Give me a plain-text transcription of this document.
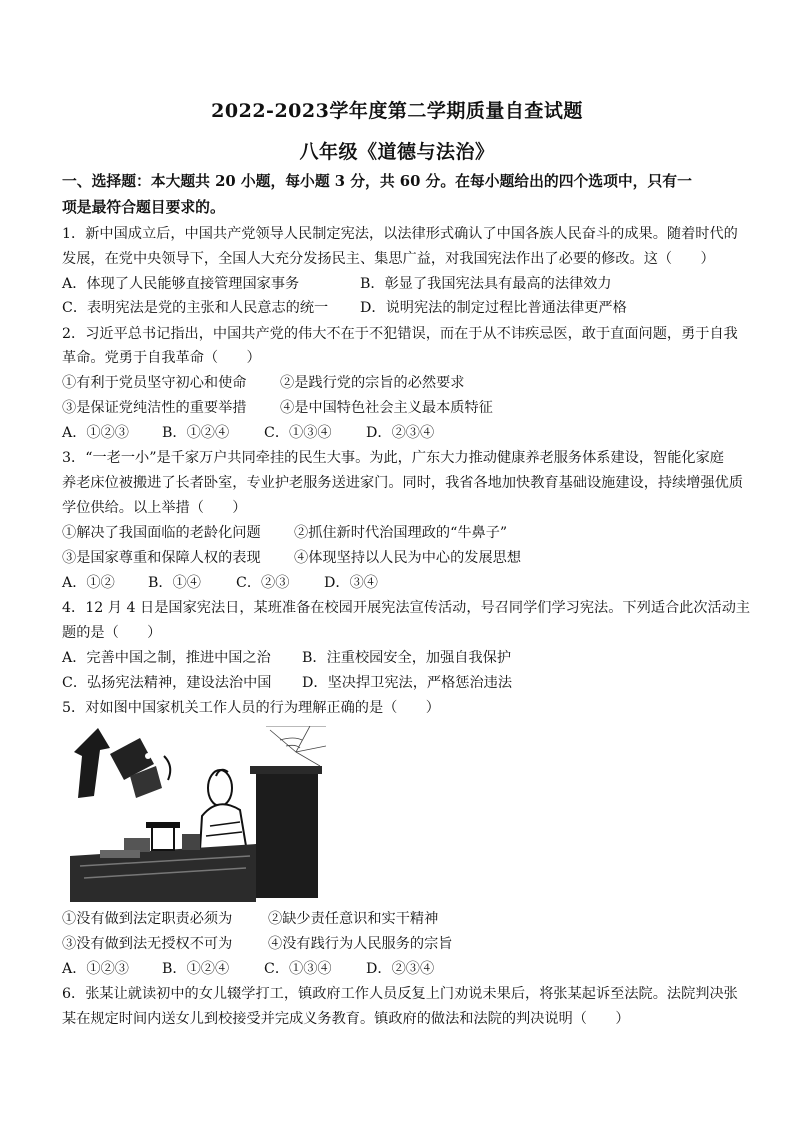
2022-2023学年度第二学期质量自查试题
八年级《道德与法治》
一、选择题：本大题共 20 小题，每小题 3 分，共 60 分。在每小题给出的四个选项中，只有一
项是最符合题目要求的。
1．新中国成立后，中国共产党领导人民制定宪法，以法律形式确认了中国各族人民奋斗的成果。随着时代的
发展，在党中央领导下，全国人大充分发扬民主、集思广益，对我国宪法作出了必要的修改。这（　　）
A．体现了人民能够直接管理国家事务	B．彰显了我国宪法具有最高的法律效力
C．表明宪法是党的主张和人民意志的统一 D．说明宪法的制定过程比普通法律更严格
2．习近平总书记指出，中国共产党的伟大不在于不犯错误，而在于从不讳疾忌医，敢于直面问题，勇于自我
革命。党勇于自我革命（　　）
①有利于党员坚守初心和使命 ②是践行党的宗旨的必然要求
③是保证党纯洁性的重要举措 ④是中国特色社会主义最本质特征
A．①②③ B．①②④ C．①③④ D．②③④
3．“一老一小”是千家万户共同牵挂的民生大事。为此，广东大力推动健康养老服务体系建设，智能化家庭
养老床位被搬进了长者卧室，专业护老服务送进家门。同时，我省各地加快教育基础设施建设，持续增强优质
学位供给。以上举措（　　）
①解决了我国面临的老龄化问题 ②抓住新时代治国理政的“牛鼻子”
③是国家尊重和保障人权的表现 ④体现坚持以人民为中心的发展思想
A．①② B．①④ C．②③ D．③④
4．12 月 4 日是国家宪法日，某班准备在校园开展宪法宣传活动，号召同学们学习宪法。下列适合此次活动主
题的是（　　）
A．完善中国之制，推进中国之治 B．注重校园安全，加强自我保护
C．弘扬宪法精神，建设法治中国 D．坚决捍卫宪法，严格惩治违法
5．对如图中国家机关工作人员的行为理解正确的是（　　）
①没有做到法定职责必须为	②缺少责任意识和实干精神
③没有做到法无授权不可为	④没有践行为人民服务的宗旨
A．①②③ B．①②④ C．①③④ D．②③④
6．张某让就读初中的女儿辍学打工，镇政府工作人员反复上门劝说未果后，将张某起诉至法院。法院判决张
某在规定时间内送女儿到校接受并完成义务教育。镇政府的做法和法院的判决说明（　　）
